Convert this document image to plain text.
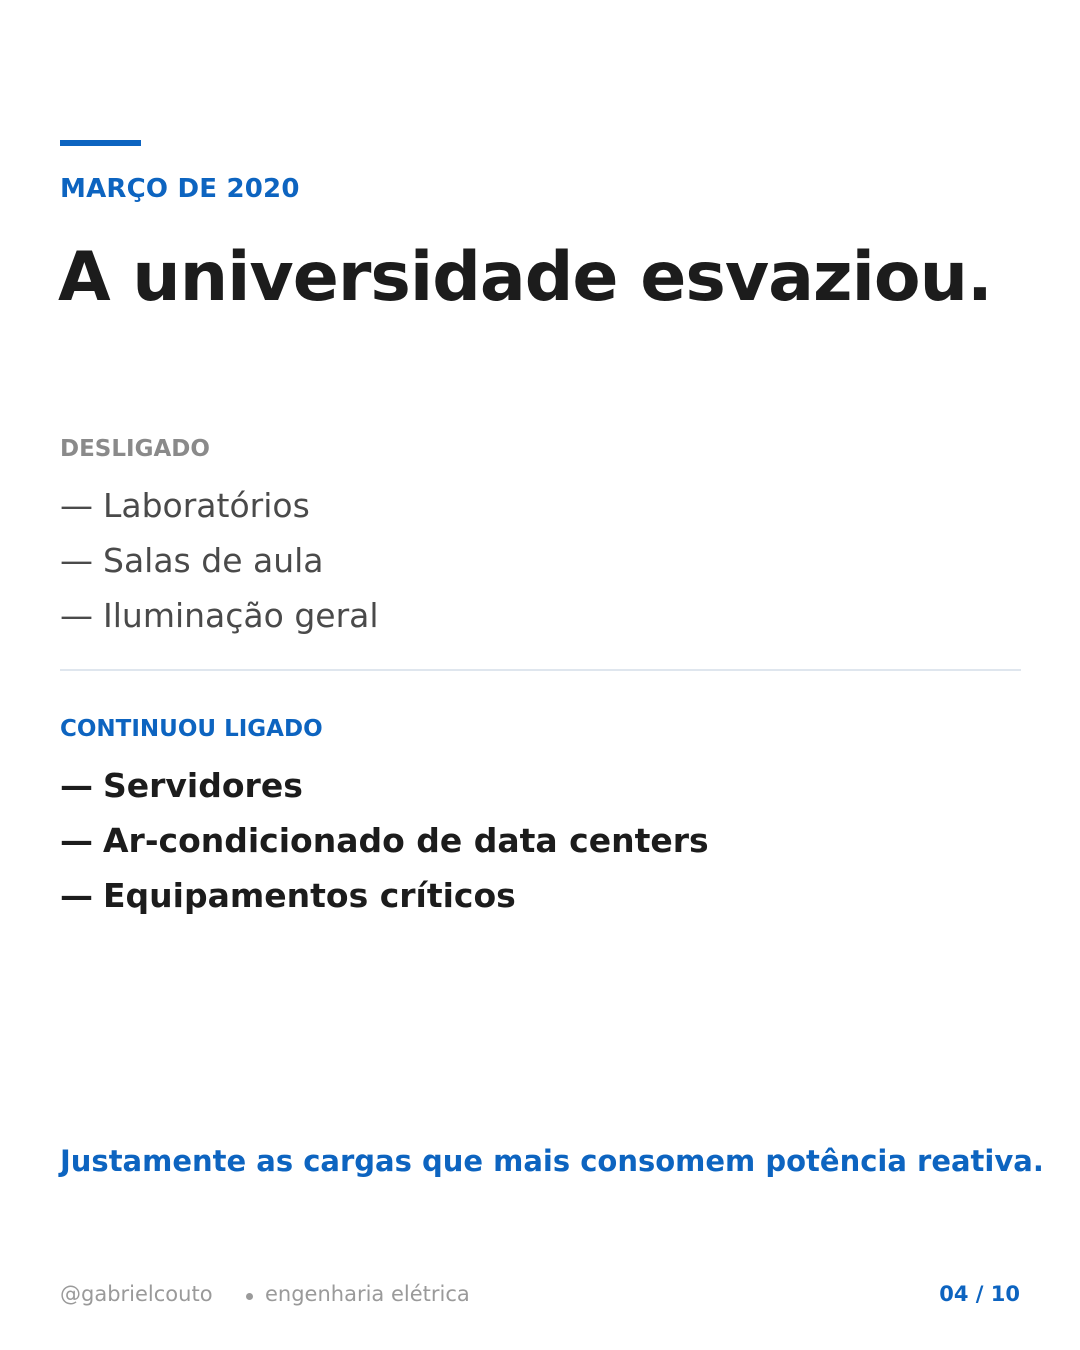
MARÇO DE 2020
A universidade esvaziou.
DESLIGADO
— Laboratórios
— Salas de aula
— Iluminação geral
CONTINUOU LIGADO
— Servidores
— Ar-condicionado de data centers
— Equipamentos críticos
Justamente as cargas que mais consomem potência reativa.
@gabrielcouto engenharia elétrica	04 / 10
